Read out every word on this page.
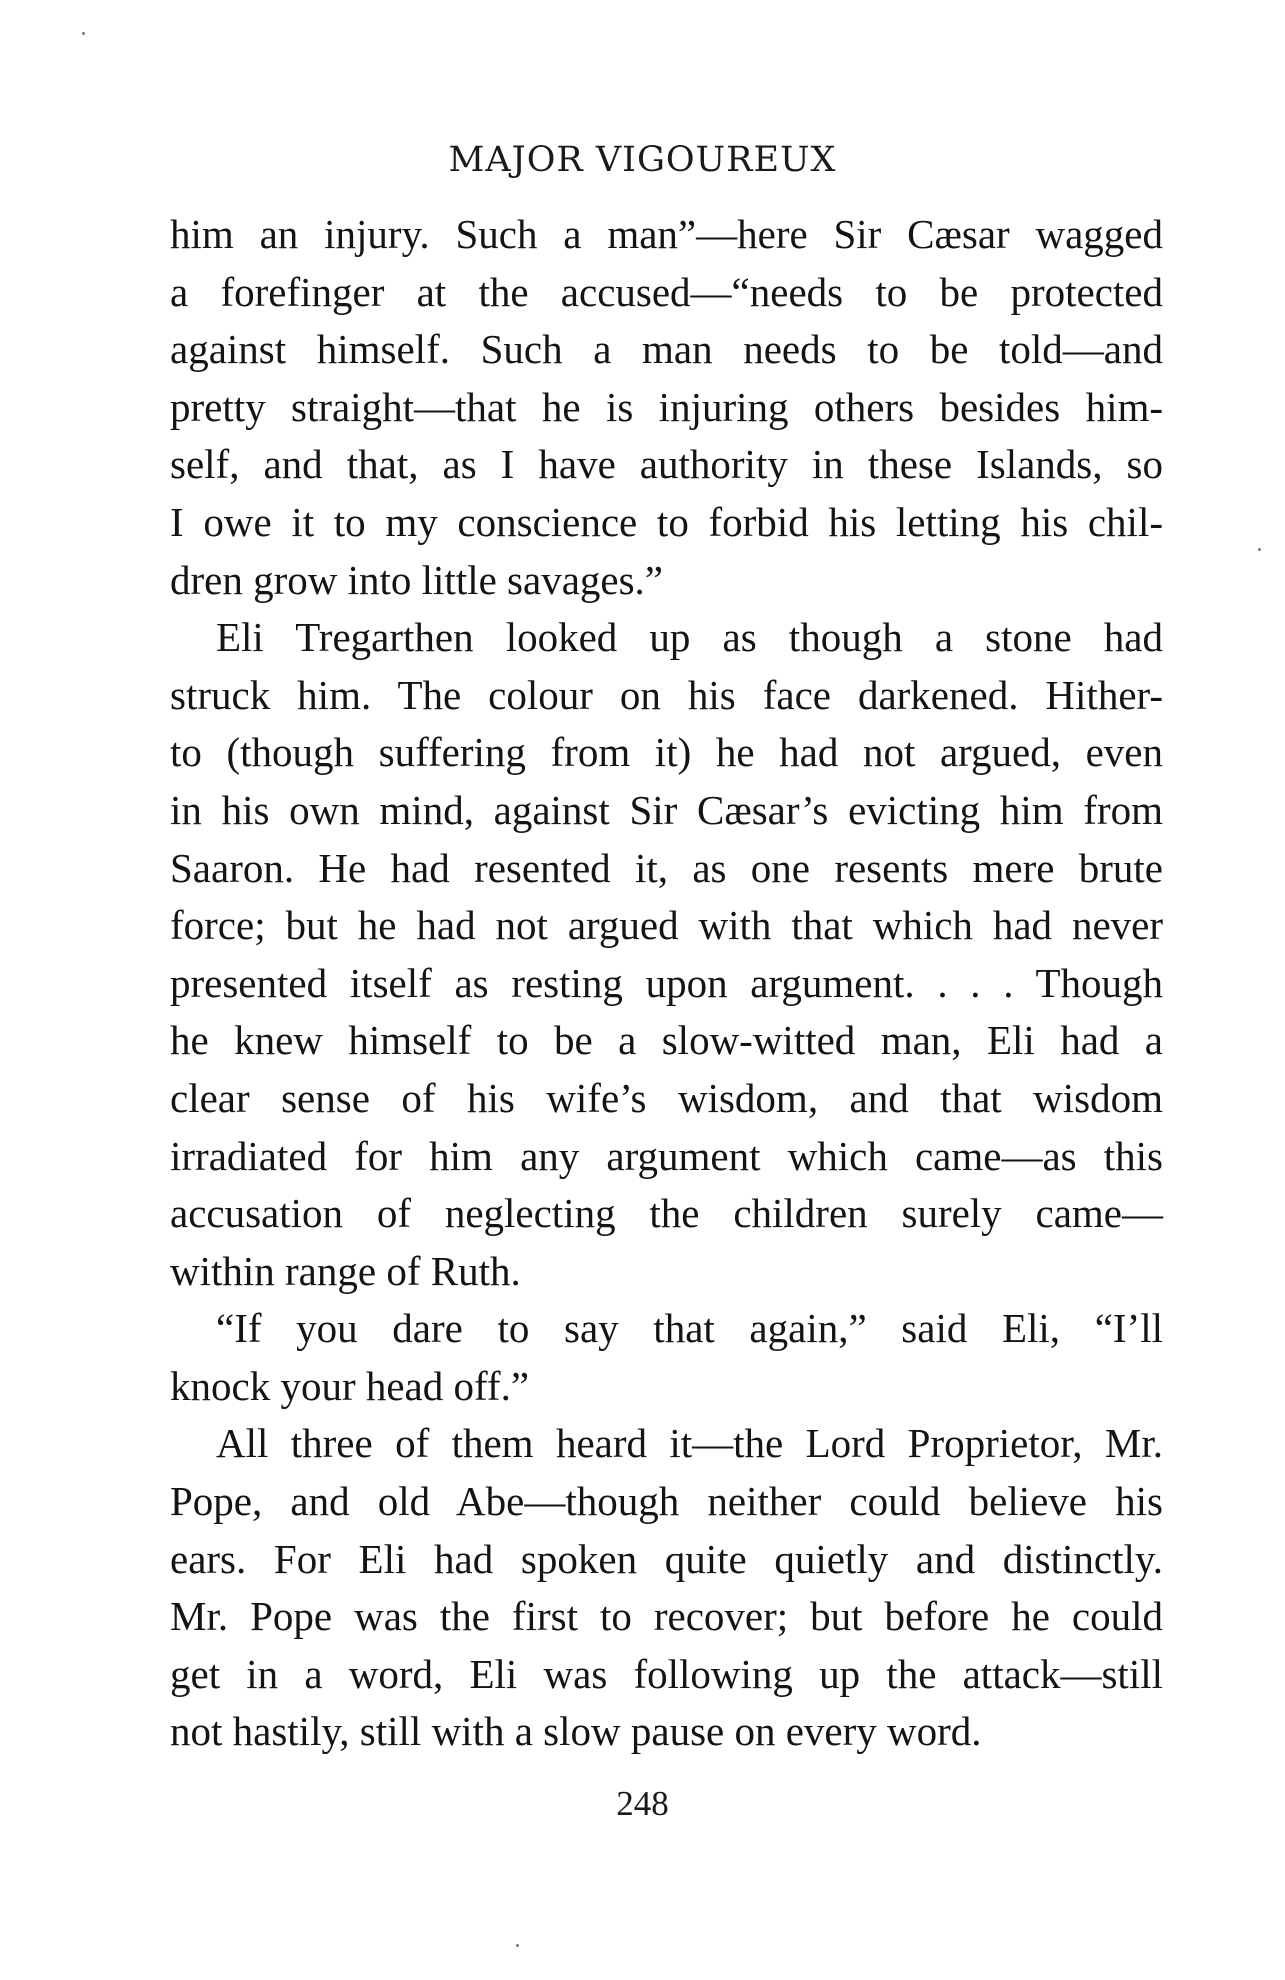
MAJOR VIGOUREUX
him an injury. Such a man”—here Sir Cæsar wagged
a forefinger at the accused—“needs to be protected
against himself. Such a man needs to be told—and
pretty straight—that he is injuring others besides him-
self, and that, as I have authority in these Islands, so
I owe it to my conscience to forbid his letting his chil-
dren grow into little savages.”
Eli Tregarthen looked up as though a stone had
struck him. The colour on his face darkened. Hither-
to (though suffering from it) he had not argued, even
in his own mind, against Sir Cæsar’s evicting him from
Saaron. He had resented it, as one resents mere brute
force; but he had not argued with that which had never
presented itself as resting upon argument. . . . Though
he knew himself to be a slow-witted man, Eli had a
clear sense of his wife’s wisdom, and that wisdom
irradiated for him any argument which came—as this
accusation of neglecting the children surely came—
within range of Ruth.
“If you dare to say that again,” said Eli, “I’ll
knock your head off.”
All three of them heard it—the Lord Proprietor, Mr.
Pope, and old Abe—though neither could believe his
ears. For Eli had spoken quite quietly and distinctly.
Mr. Pope was the first to recover; but before he could
get in a word, Eli was following up the attack—still
not hastily, still with a slow pause on every word.
248
